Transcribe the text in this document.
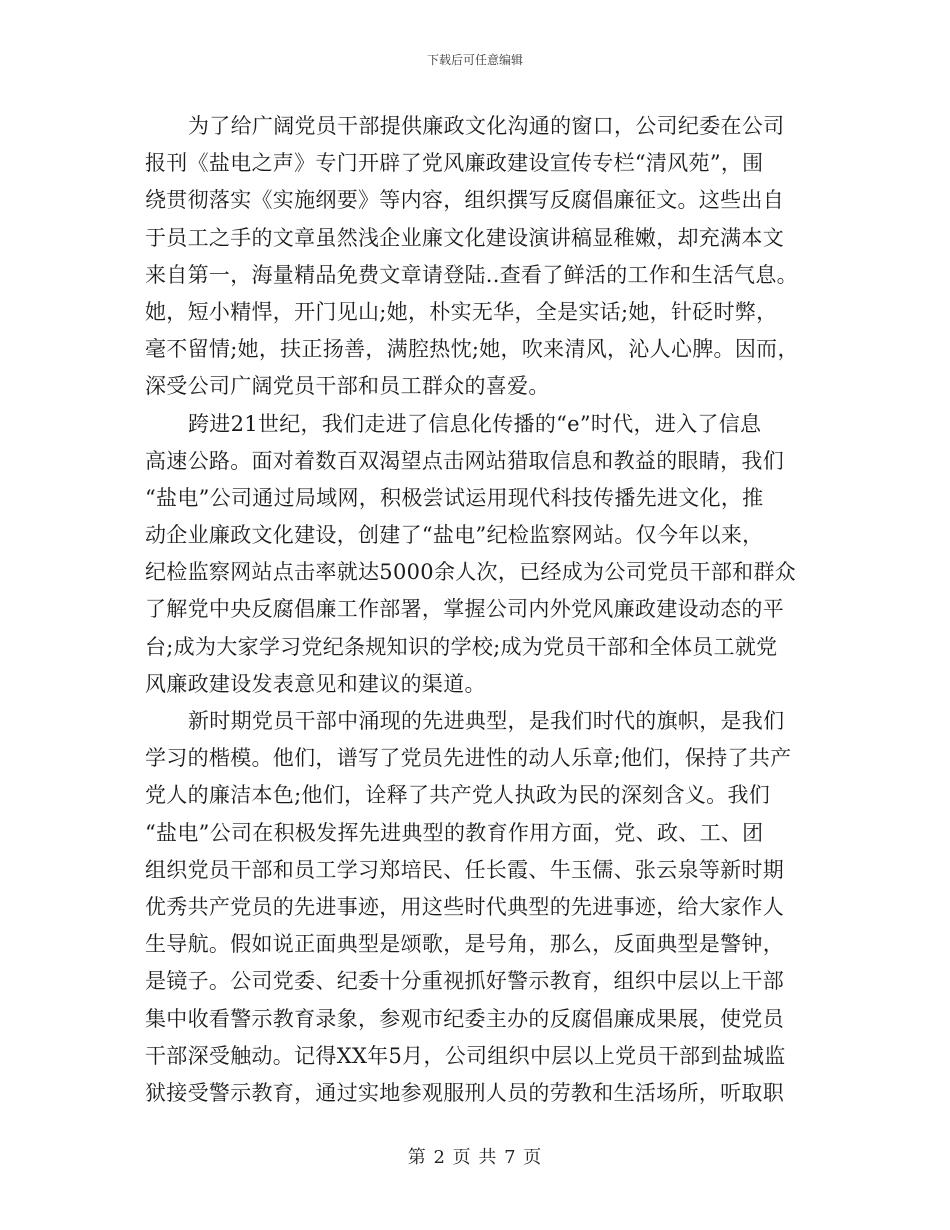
下载后可任意编辑
为了给广阔党员干部提供廉政文化沟通的窗口，公司纪委在公司
报刊《盐电之声》专门开辟了党风廉政建设宣传专栏“清风苑”，围
绕贯彻落实《实施纲要》等内容，组织撰写反腐倡廉征文。这些出自
于员工之手的文章虽然浅企业廉文化建设演讲稿显稚嫩，却充满本文
来自第一，海量精品免费文章请登陆..查看了鲜活的工作和生活气息。
她，短小精悍，开门见山;她，朴实无华，全是实话;她，针砭时弊，
毫不留情;她，扶正扬善，满腔热忱;她，吹来清风，沁人心脾。因而，
深受公司广阔党员干部和员工群众的喜爱。
跨进21世纪，我们走进了信息化传播的“e”时代，进入了信息
高速公路。面对着数百双渴望点击网站猎取信息和教益的眼睛，我们
“盐电”公司通过局域网，积极尝试运用现代科技传播先进文化，推
动企业廉政文化建设，创建了“盐电”纪检监察网站。仅今年以来，
纪检监察网站点击率就达5000余人次，已经成为公司党员干部和群众
了解党中央反腐倡廉工作部署，掌握公司内外党风廉政建设动态的平
台;成为大家学习党纪条规知识的学校;成为党员干部和全体员工就党
风廉政建设发表意见和建议的渠道。
新时期党员干部中涌现的先进典型，是我们时代的旗帜，是我们
学习的楷模。他们，谱写了党员先进性的动人乐章;他们，保持了共产
党人的廉洁本色;他们，诠释了共产党人执政为民的深刻含义。我们
“盐电”公司在积极发挥先进典型的教育作用方面，党、政、工、团
组织党员干部和员工学习郑培民、任长霞、牛玉儒、张云泉等新时期
优秀共产党员的先进事迹，用这些时代典型的先进事迹，给大家作人
生导航。假如说正面典型是颂歌，是号角，那么，反面典型是警钟，
是镜子。公司党委、纪委十分重视抓好警示教育，组织中层以上干部
集中收看警示教育录象，参观市纪委主办的反腐倡廉成果展，使党员
干部深受触动。记得XX年5月，公司组织中层以上党员干部到盐城监
狱接受警示教育，通过实地参观服刑人员的劳教和生活场所，听取职
第 2 页 共 7 页
